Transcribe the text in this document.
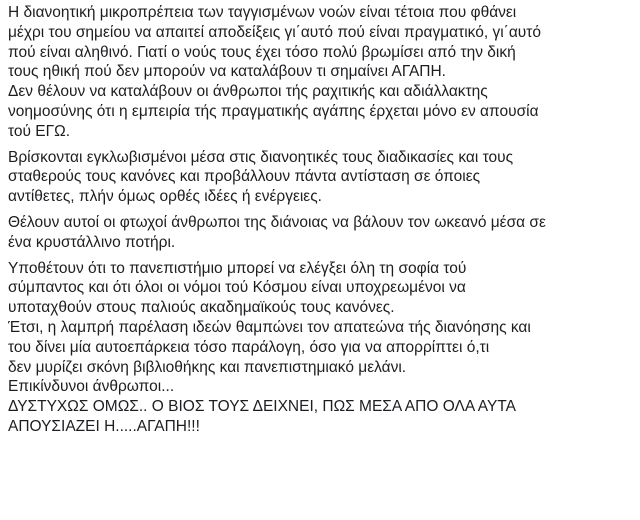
Η διανοητική μικροπρέπεια των ταγγισμένων νοών είναι τέτοια που φθάνει
μέχρι του σημείου να απαιτεί αποδείξεις γι΄αυτό πού είναι πραγματικό, γι΄αυτό
πού είναι αληθινό. Γιατί ο νούς τους έχει τόσο πολύ βρωμίσει από την δική
τους ηθική πού δεν μπορούν να καταλάβουν τι σημαίνει ΑΓΑΠΗ.
Δεν θέλουν να καταλάβουν οι άνθρωποι τής ραχιτικής και αδιάλλακτης
νοημοσύνης ότι η εμπειρία τής πραγματικής αγάπης έρχεται μόνο εν απουσία
τού ΕΓΩ.
Βρίσκονται εγκλωβισμένοι μέσα στις διανοητικές τους διαδικασίες και τους
σταθερούς τους κανόνες και προβάλλουν πάντα αντίσταση σε όποιες
αντίθετες, πλήν όμως ορθές ιδέες ή ενέργειες.
Θέλουν αυτοί οι φτωχοί άνθρωποι της διάνοιας να βάλουν τον ωκεανό μέσα σε
ένα κρυστάλλινο ποτήρι.
Υποθέτουν ότι το πανεπιστήμιο μπορεί να ελέγξει όλη τη σοφία τού
σύμπαντος και ότι όλοι οι νόμοι τού Κόσμου είναι υποχρεωμένοι να
υποταχθούν στους παλιούς ακαδημαϊκούς τους κανόνες.
Έτσι, η λαμπρή παρέλαση ιδεών θαμπώνει τον απατεώνα τής διανόησης και
του δίνει μία αυτοεπάρκεια τόσο παράλογη, όσο για να απορρίπτει ό,τι
δεν μυρίζει σκόνη βιβλιοθήκης και πανεπιστημιακό μελάνι.
Επικίνδυνοι άνθρωποι...
ΔΥΣΤΥΧΩΣ ΟΜΩΣ.. Ο ΒΙΟΣ ΤΟΥΣ ΔΕΙΧΝΕΙ, ΠΩΣ ΜΕΣΑ ΑΠΟ ΟΛΑ ΑΥΤΑ
ΑΠΟΥΣΙΑΖΕΙ Η.....ΑΓΑΠΗ!!!
